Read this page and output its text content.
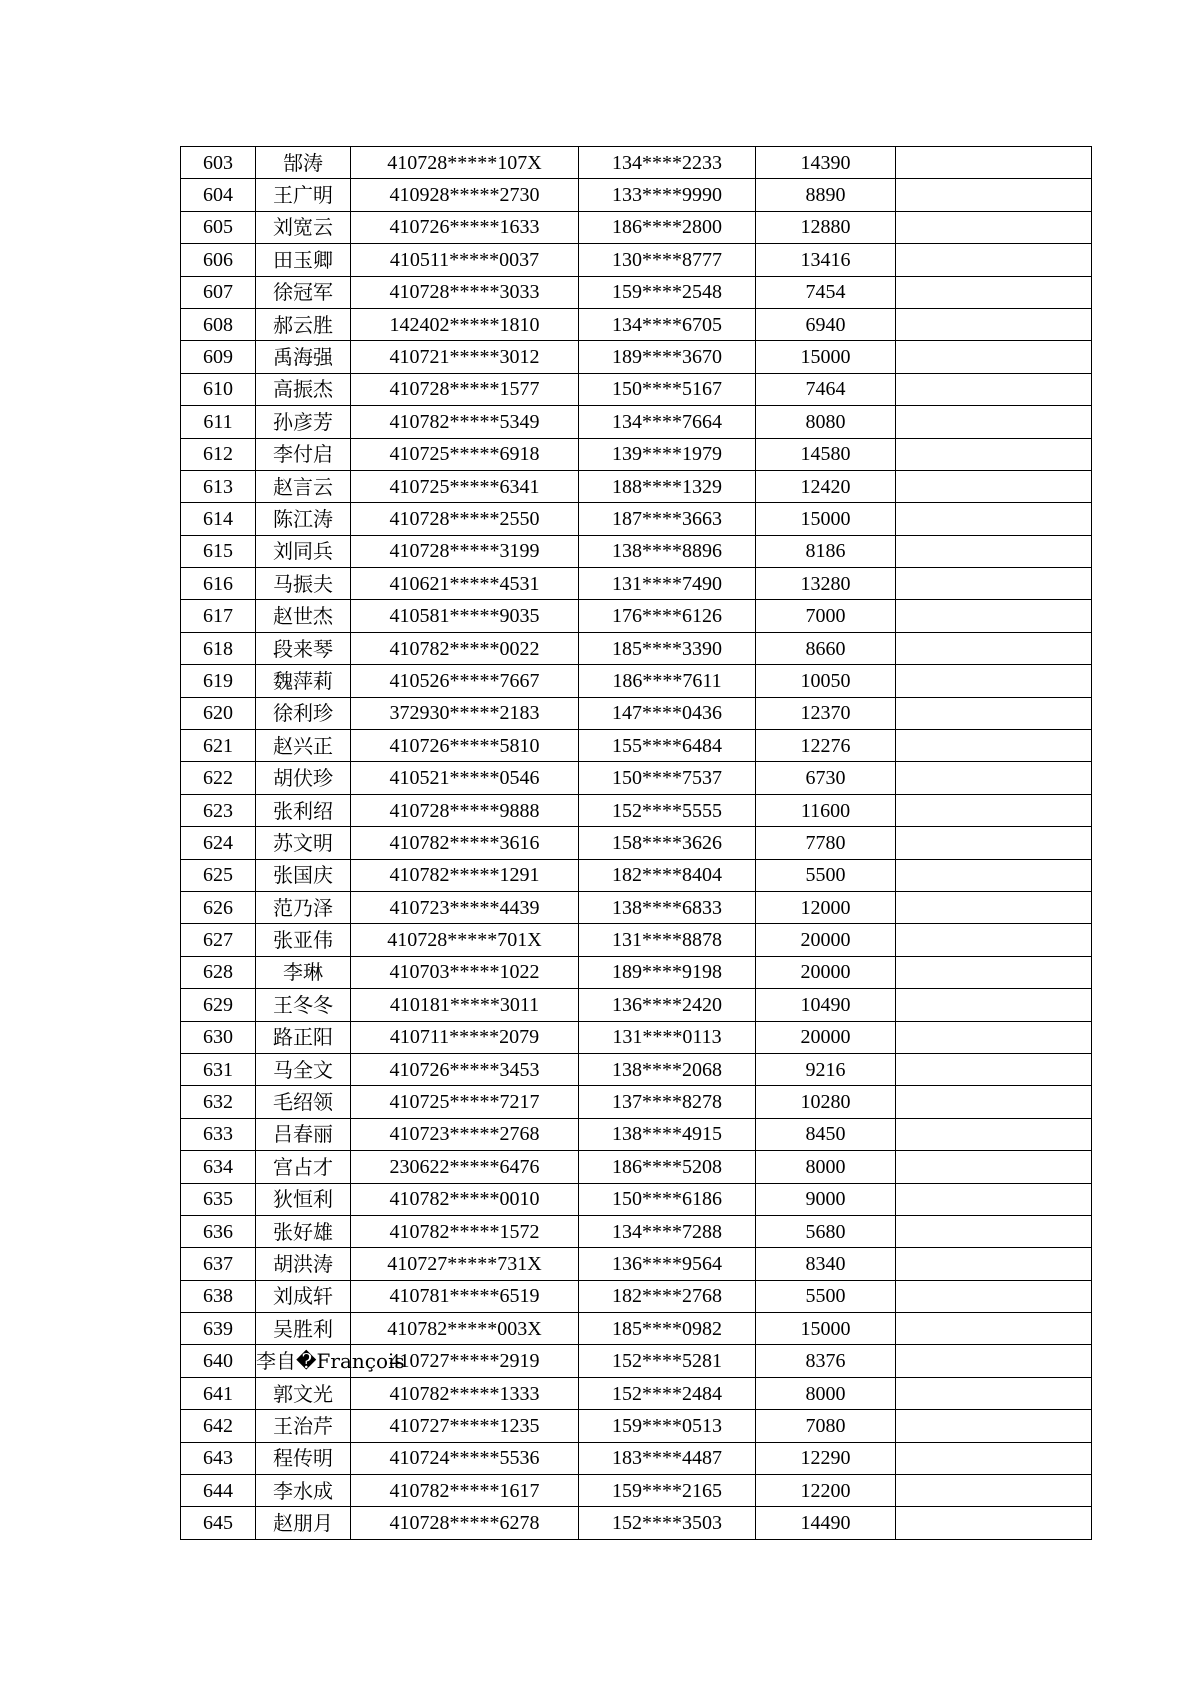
603	郜涛	410728*****107X	134****2233	14390	
604	王广明	410928*****2730	133****9990	8890	
605	刘宽云	410726*****1633	186****2800	12880	
606	田玉卿	410511*****0037	130****8777	13416	
607	徐冠军	410728*****3033	159****2548	7454	
608	郝云胜	142402*****1810	134****6705	6940	
609	禹海强	410721*****3012	189****3670	15000	
610	高振杰	410728*****1577	150****5167	7464	
611	孙彦芳	410782*****5349	134****7664	8080	
612	李付启	410725*****6918	139****1979	14580	
613	赵言云	410725*****6341	188****1329	12420	
614	陈江涛	410728*****2550	187****3663	15000	
615	刘同兵	410728*****3199	138****8896	8186	
616	马振夫	410621*****4531	131****7490	13280	
617	赵世杰	410581*****9035	176****6126	7000	
618	段来琴	410782*****0022	185****3390	8660	
619	魏萍莉	410526*****7667	186****7611	10050	
620	徐利珍	372930*****2183	147****0436	12370	
621	赵兴正	410726*****5810	155****6484	12276	
622	胡伏珍	410521*****0546	150****7537	6730	
623	张利绍	410728*****9888	152****5555	11600	
624	苏文明	410782*****3616	158****3626	7780	
625	张国庆	410782*****1291	182****8404	5500	
626	范乃泽	410723*****4439	138****6833	12000	
627	张亚伟	410728*****701X	131****8878	20000	
628	李琳	410703*****1022	189****9198	20000	
629	王冬冬	410181*****3011	136****2420	10490	
630	路正阳	410711*****2079	131****0113	20000	
631	马全文	410726*****3453	138****2068	9216	
632	毛绍领	410725*****7217	137****8278	10280	
633	吕春丽	410723*****2768	138****4915	8450	
634	宫占才	230622*****6476	186****5208	8000	
635	狄恒利	410782*****0010	150****6186	9000	
636	张好雄	410782*****1572	134****7288	5680	
637	胡洪涛	410727*****731X	136****9564	8340	
638	刘成轩	410781*****6519	182****2768	5500	
639	吴胜利	410782*****003X	185****0982	15000	
640	李自�François	410727*****2919	152****5281	8376	
641	郭文光	410782*****1333	152****2484	8000	
642	王治芹	410727*****1235	159****0513	7080	
643	程传明	410724*****5536	183****4487	12290	
644	李水成	410782*****1617	159****2165	12200	
645	赵朋月	410728*****6278	152****3503	14490	
